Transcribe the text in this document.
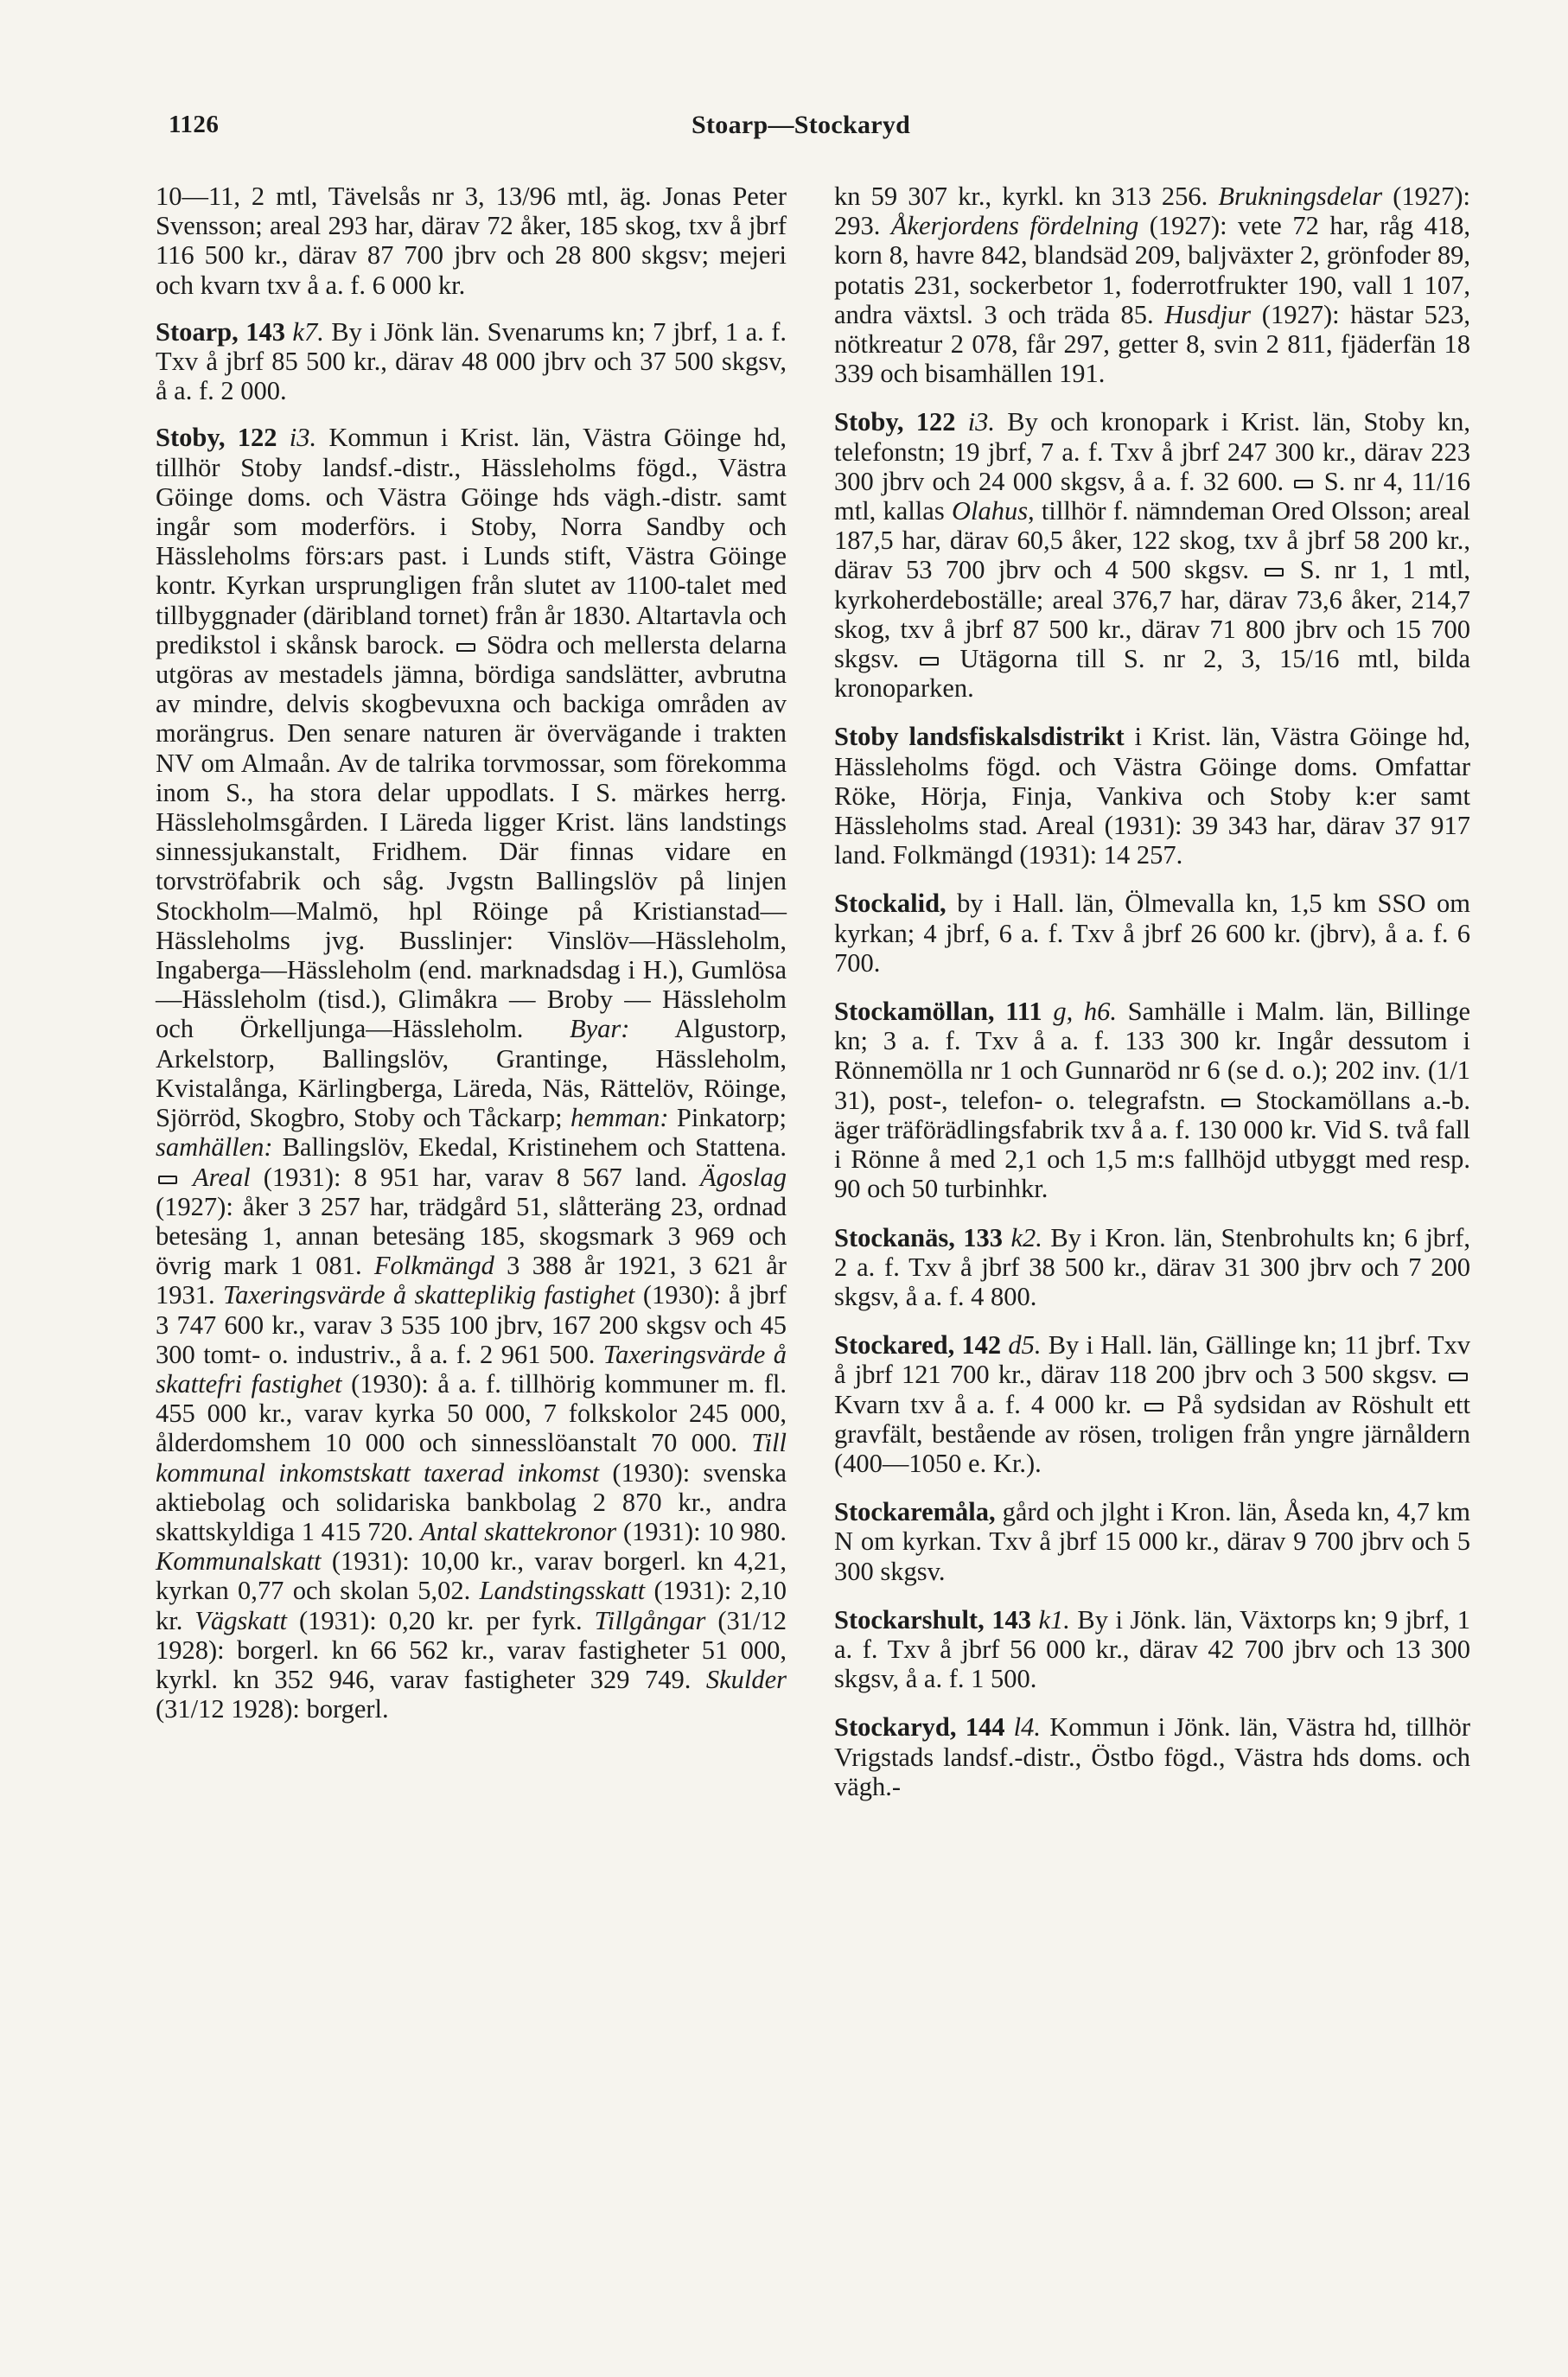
1126	Stoarp—Stockaryd

10—11, 2 mtl, Tävelsås nr 3, 13/96 mtl, äg. Jonas Peter Svensson; areal 293 har, därav 72 åker, 185 skog, txv å jbrf 116 500 kr., därav 87 700 jbrv och 28 800 skgsv; mejeri och kvarn txv å a. f. 6 000 kr.

Stoarp, 143 k7. By i Jönk län. Svenarums kn; 7 jbrf, 1 a. f. Txv å jbrf 85 500 kr., därav 48 000 jbrv och 37 500 skgsv, å a. f. 2 000.

Stoby, 122 i3. Kommun i Krist. län, Västra Göinge hd, tillhör Stoby landsf.-distr., Hässleholms fögd., Västra Göinge doms. och Västra Göinge hds vägh.-distr. samt ingår som moderförs. i Stoby, Norra Sandby och Hässleholms förs:ars past. i Lunds stift, Västra Göinge kontr. Kyrkan ursprungligen från slutet av 1100-talet med tillbyggnader (däribland tornet) från år 1830. Altartavla och predikstol i skånsk barock.  Södra och mellersta delarna utgöras av mestadels jämna, bördiga sandslätter, avbrutna av mindre, delvis skogbevuxna och backiga områden av morängrus. Den senare naturen är övervägande i trakten NV om Almaån. Av de talrika torvmossar, som förekomma inom S., ha stora delar uppodlats. I S. märkes herrg. Hässleholmsgården. I Läreda ligger Krist. läns landstings sinnessjukanstalt, Fridhem. Där finnas vidare en torvströfabrik och såg. Jvgstn Ballingslöv på linjen Stockholm—Malmö, hpl Röinge på Kristianstad—Hässleholms jvg. Busslinjer: Vinslöv—Hässleholm, Ingaberga—Hässleholm (end. marknadsdag i H.), Gumlösa—Hässleholm (tisd.), Glimåkra — Broby — Hässleholm och Örkelljunga—Hässleholm. Byar: Algustorp, Arkelstorp, Ballingslöv, Grantinge, Hässleholm, Kvistalånga, Kärlingberga, Läreda, Näs, Rättelöv, Röinge, Sjörröd, Skogbro, Stoby och Tåckarp; hemman: Pinkatorp; samhällen: Ballingslöv, Ekedal, Kristinehem och Stattena.  Areal (1931): 8 951 har, varav 8 567 land. Ägoslag (1927): åker 3 257 har, trädgård 51, slåtteräng 23, ordnad betesäng 1, annan betesäng 185, skogsmark 3 969 och övrig mark 1 081. Folkmängd 3 388 år 1921, 3 621 år 1931. Taxeringsvärde å skatteplikig fastighet (1930): å jbrf 3 747 600 kr., varav 3 535 100 jbrv, 167 200 skgsv och 45 300 tomt- o. industriv., å a. f. 2 961 500. Taxeringsvärde å skattefri fastighet (1930): å a. f. tillhörig kommuner m. fl. 455 000 kr., varav kyrka 50 000, 7 folkskolor 245 000, ålderdomshem 10 000 och sinnesslöanstalt 70 000. Till kommunal inkomstskatt taxerad inkomst (1930): svenska aktiebolag och solidariska bankbolag 2 870 kr., andra skattskyldiga 1 415 720. Antal skattekronor (1931): 10 980. Kommunalskatt (1931): 10,00 kr., varav borgerl. kn 4,21, kyrkan 0,77 och skolan 5,02. Landstingsskatt (1931): 2,10 kr. Vägskatt (1931): 0,20 kr. per fyrk. Tillgångar (31/12 1928): borgerl. kn 66 562 kr., varav fastigheter 51 000, kyrkl. kn 352 946, varav fastigheter 329 749. Skulder (31/12 1928): borgerl.

kn 59 307 kr., kyrkl. kn 313 256. Brukningsdelar (1927): 293. Åkerjordens fördelning (1927): vete 72 har, råg 418, korn 8, havre 842, blandsäd 209, baljväxter 2, grönfoder 89, potatis 231, sockerbetor 1, foderrotfrukter 190, vall 1 107, andra växtsl. 3 och träda 85. Husdjur (1927): hästar 523, nötkreatur 2 078, får 297, getter 8, svin 2 811, fjäderfän 18 339 och bisamhällen 191.

Stoby, 122 i3. By och kronopark i Krist. län, Stoby kn, telefonstn; 19 jbrf, 7 a. f. Txv å jbrf 247 300 kr., därav 223 300 jbrv och 24 000 skgsv, å a. f. 32 600.  S. nr 4, 11/16 mtl, kallas Olahus, tillhör f. nämndeman Ored Olsson; areal 187,5 har, därav 60,5 åker, 122 skog, txv å jbrf 58 200 kr., därav 53 700 jbrv och 4 500 skgsv.  S. nr 1, 1 mtl, kyrkoherdeboställe; areal 376,7 har, därav 73,6 åker, 214,7 skog, txv å jbrf 87 500 kr., därav 71 800 jbrv och 15 700 skgsv.  Utägorna till S. nr 2, 3, 15/16 mtl, bilda kronoparken.

Stoby landsfiskalsdistrikt i Krist. län, Västra Göinge hd, Hässleholms fögd. och Västra Göinge doms. Omfattar Röke, Hörja, Finja, Vankiva och Stoby k:er samt Hässleholms stad. Areal (1931): 39 343 har, därav 37 917 land. Folkmängd (1931): 14 257.

Stockalid, by i Hall. län, Ölmevalla kn, 1,5 km SSO om kyrkan; 4 jbrf, 6 a. f. Txv å jbrf 26 600 kr. (jbrv), å a. f. 6 700.

Stockamöllan, 111 g, h6. Samhälle i Malm. län, Billinge kn; 3 a. f. Txv å a. f. 133 300 kr. Ingår dessutom i Rönnemölla nr 1 och Gunnaröd nr 6 (se d. o.); 202 inv. (1/1 31), post-, telefon- o. telegrafstn.  Stockamöllans a.-b. äger träförädlingsfabrik txv å a. f. 130 000 kr. Vid S. två fall i Rönne å med 2,1 och 1,5 m:s fallhöjd utbyggt med resp. 90 och 50 turbinhkr.

Stockanäs, 133 k2. By i Kron. län, Stenbrohults kn; 6 jbrf, 2 a. f. Txv å jbrf 38 500 kr., därav 31 300 jbrv och 7 200 skgsv, å a. f. 4 800.

Stockared, 142 d5. By i Hall. län, Gällinge kn; 11 jbrf. Txv å jbrf 121 700 kr., därav 118 200 jbrv och 3 500 skgsv.  Kvarn txv å a. f. 4 000 kr.  På sydsidan av Röshult ett gravfält, bestående av rösen, troligen från yngre järnåldern (400—1050 e. Kr.).

Stockaremåla, gård och jlght i Kron. län, Åseda kn, 4,7 km N om kyrkan. Txv å jbrf 15 000 kr., därav 9 700 jbrv och 5 300 skgsv.

Stockarshult, 143 k1. By i Jönk. län, Växtorps kn; 9 jbrf, 1 a. f. Txv å jbrf 56 000 kr., därav 42 700 jbrv och 13 300 skgsv, å a. f. 1 500.

Stockaryd, 144 l4. Kommun i Jönk. län, Västra hd, tillhör Vrigstads landsf.-distr., Östbo fögd., Västra hds doms. och vägh.-
